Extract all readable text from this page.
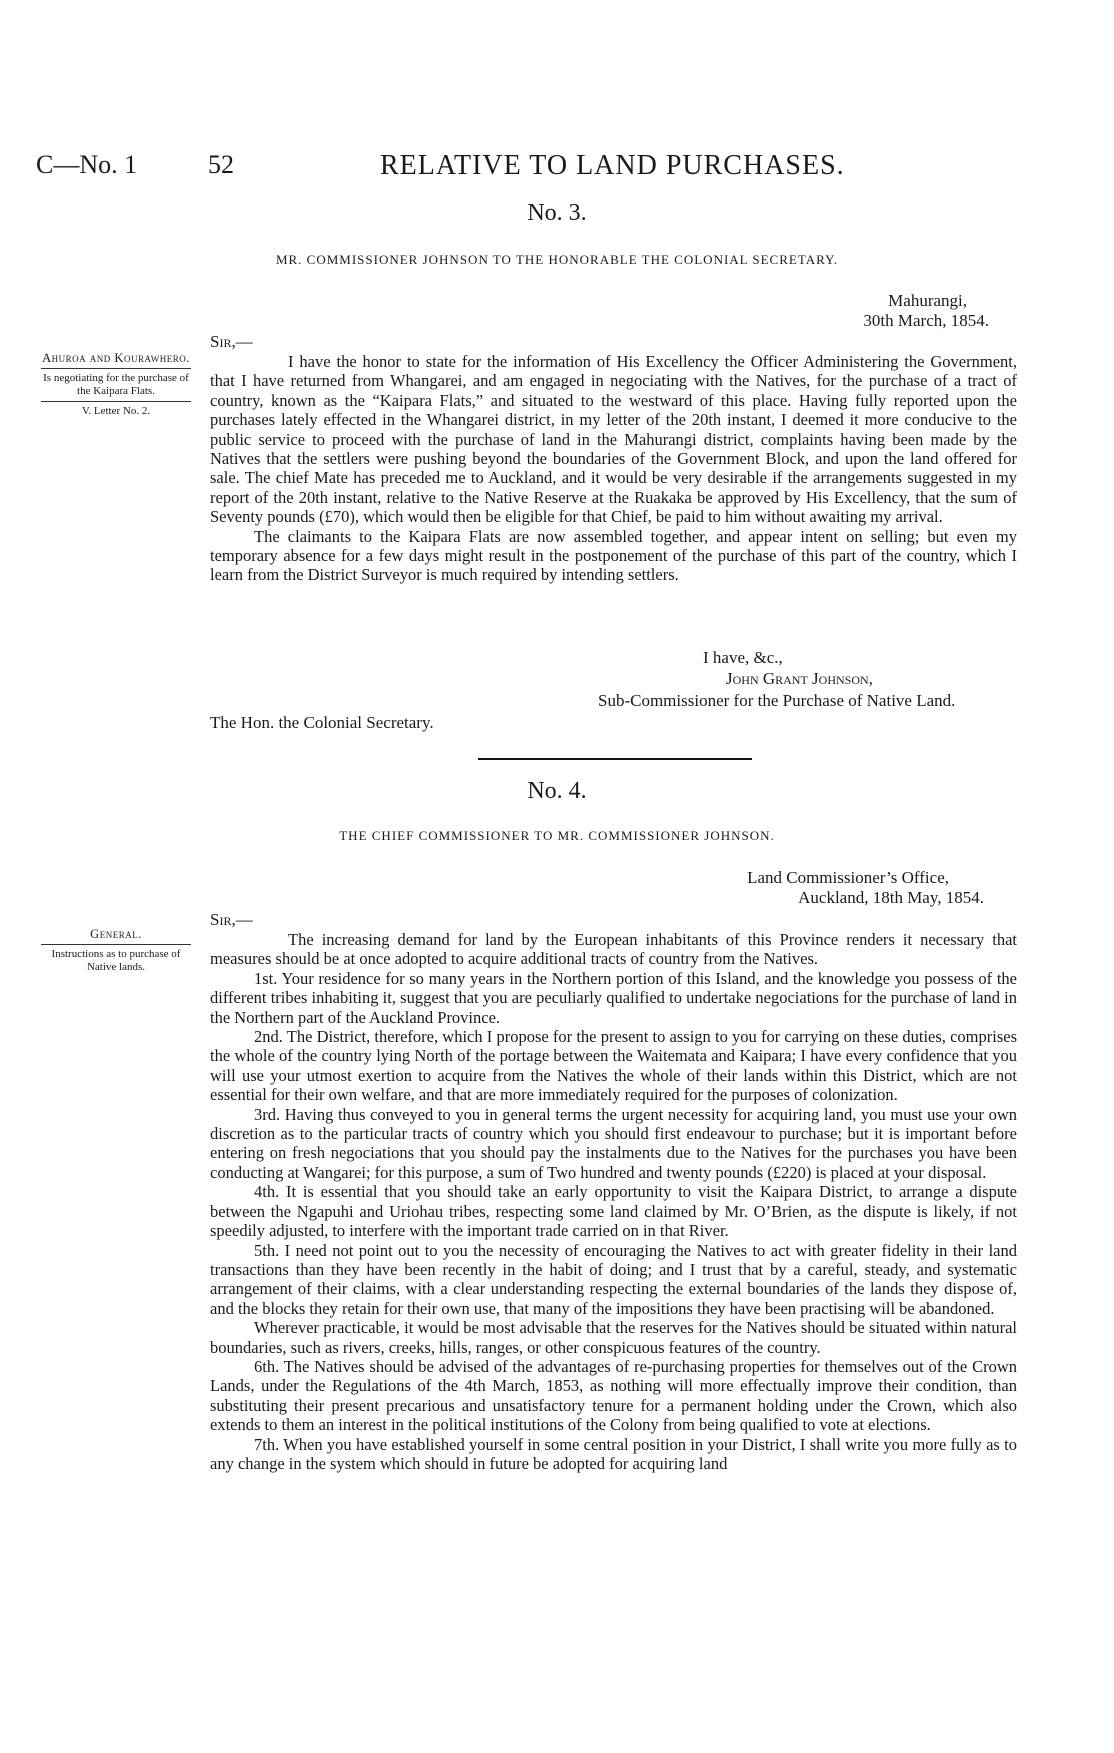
C—No. 1	52	RELATIVE TO LAND PURCHASES.
No. 3.
MR. COMMISSIONER JOHNSON TO THE HONORABLE THE COLONIAL SECRETARY.
Mahurangi,
30th March, 1854.
Sir,—
Ahuroa and Kourawhero.
Is negotiating for the purchase of the Kaipara Flats.
V. Letter No. 2.

I have the honor to state for the information of His Excellency the Officer Administering the Government, that I have returned from Whangarei, and am engaged in negociating with the Natives, for the purchase of a tract of country, known as the “Kaipara Flats,” and situated to the westward of this place. Having fully reported upon the purchases lately effected in the Whangarei district, in my letter of the 20th instant, I deemed it more conducive to the public service to proceed with the purchase of land in the Mahurangi district, complaints having been made by the Natives that the settlers were pushing beyond the boundaries of the Government Block, and upon the land offered for sale. The chief Mate has preceded me to Auckland, and it would be very desirable if the arrangements suggested in my report of the 20th instant, relative to the Native Reserve at the Ruakaka be approved by His Excellency, that the sum of Seventy pounds (£70), which would then be eligible for that Chief, be paid to him without awaiting my arrival.

The claimants to the Kaipara Flats are now assembled together, and appear intent on selling; but even my temporary absence for a few days might result in the postponement of the purchase of this part of the country, which I learn from the District Surveyor is much required by intending settlers.

I have, &c.,
John Grant Johnson,
Sub-Commissioner for the Purchase of Native Land.
The Hon. the Colonial Secretary.
No. 4.
THE CHIEF COMMISSIONER TO MR. COMMISSIONER JOHNSON.
Land Commissioner’s Office,
Auckland, 18th May, 1854.
Sir,—
General.
Instructions as to purchase of Native lands.

The increasing demand for land by the European inhabitants of this Province renders it necessary that measures should be at once adopted to acquire additional tracts of country from the Natives.

1st. Your residence for so many years in the Northern portion of this Island, and the knowledge you possess of the different tribes inhabiting it, suggest that you are peculiarly qualified to undertake negociations for the purchase of land in the Northern part of the Auckland Province.

2nd. The District, therefore, which I propose for the present to assign to you for carrying on these duties, comprises the whole of the country lying North of the portage between the Waitemata and Kaipara; I have every confidence that you will use your utmost exertion to acquire from the Natives the whole of their lands within this District, which are not essential for their own welfare, and that are more immediately required for the purposes of colonization.

3rd. Having thus conveyed to you in general terms the urgent necessity for acquiring land, you must use your own discretion as to the particular tracts of country which you should first endeavour to purchase; but it is important before entering on fresh negociations that you should pay the instalments due to the Natives for the purchases you have been conducting at Wangarei; for this purpose, a sum of Two hundred and twenty pounds (£220) is placed at your disposal.

4th. It is essential that you should take an early opportunity to visit the Kaipara District, to arrange a dispute between the Ngapuhi and Uriohau tribes, respecting some land claimed by Mr. O’Brien, as the dispute is likely, if not speedily adjusted, to interfere with the important trade carried on in that River.

5th. I need not point out to you the necessity of encouraging the Natives to act with greater fidelity in their land transactions than they have been recently in the habit of doing; and I trust that by a careful, steady, and systematic arrangement of their claims, with a clear understanding respecting the external boundaries of the lands they dispose of, and the blocks they retain for their own use, that many of the impositions they have been practising will be abandoned.

Wherever practicable, it would be most advisable that the reserves for the Natives should be situated within natural boundaries, such as rivers, creeks, hills, ranges, or other conspicuous features of the country.

6th. The Natives should be advised of the advantages of re-purchasing properties for themselves out of the Crown Lands, under the Regulations of the 4th March, 1853, as nothing will more effectually improve their condition, than substituting their present precarious and unsatisfactory tenure for a permanent holding under the Crown, which also extends to them an interest in the political institutions of the Colony from being qualified to vote at elections.

7th. When you have established yourself in some central position in your District, I shall write you more fully as to any change in the system which should in future be adopted for acquiring land
